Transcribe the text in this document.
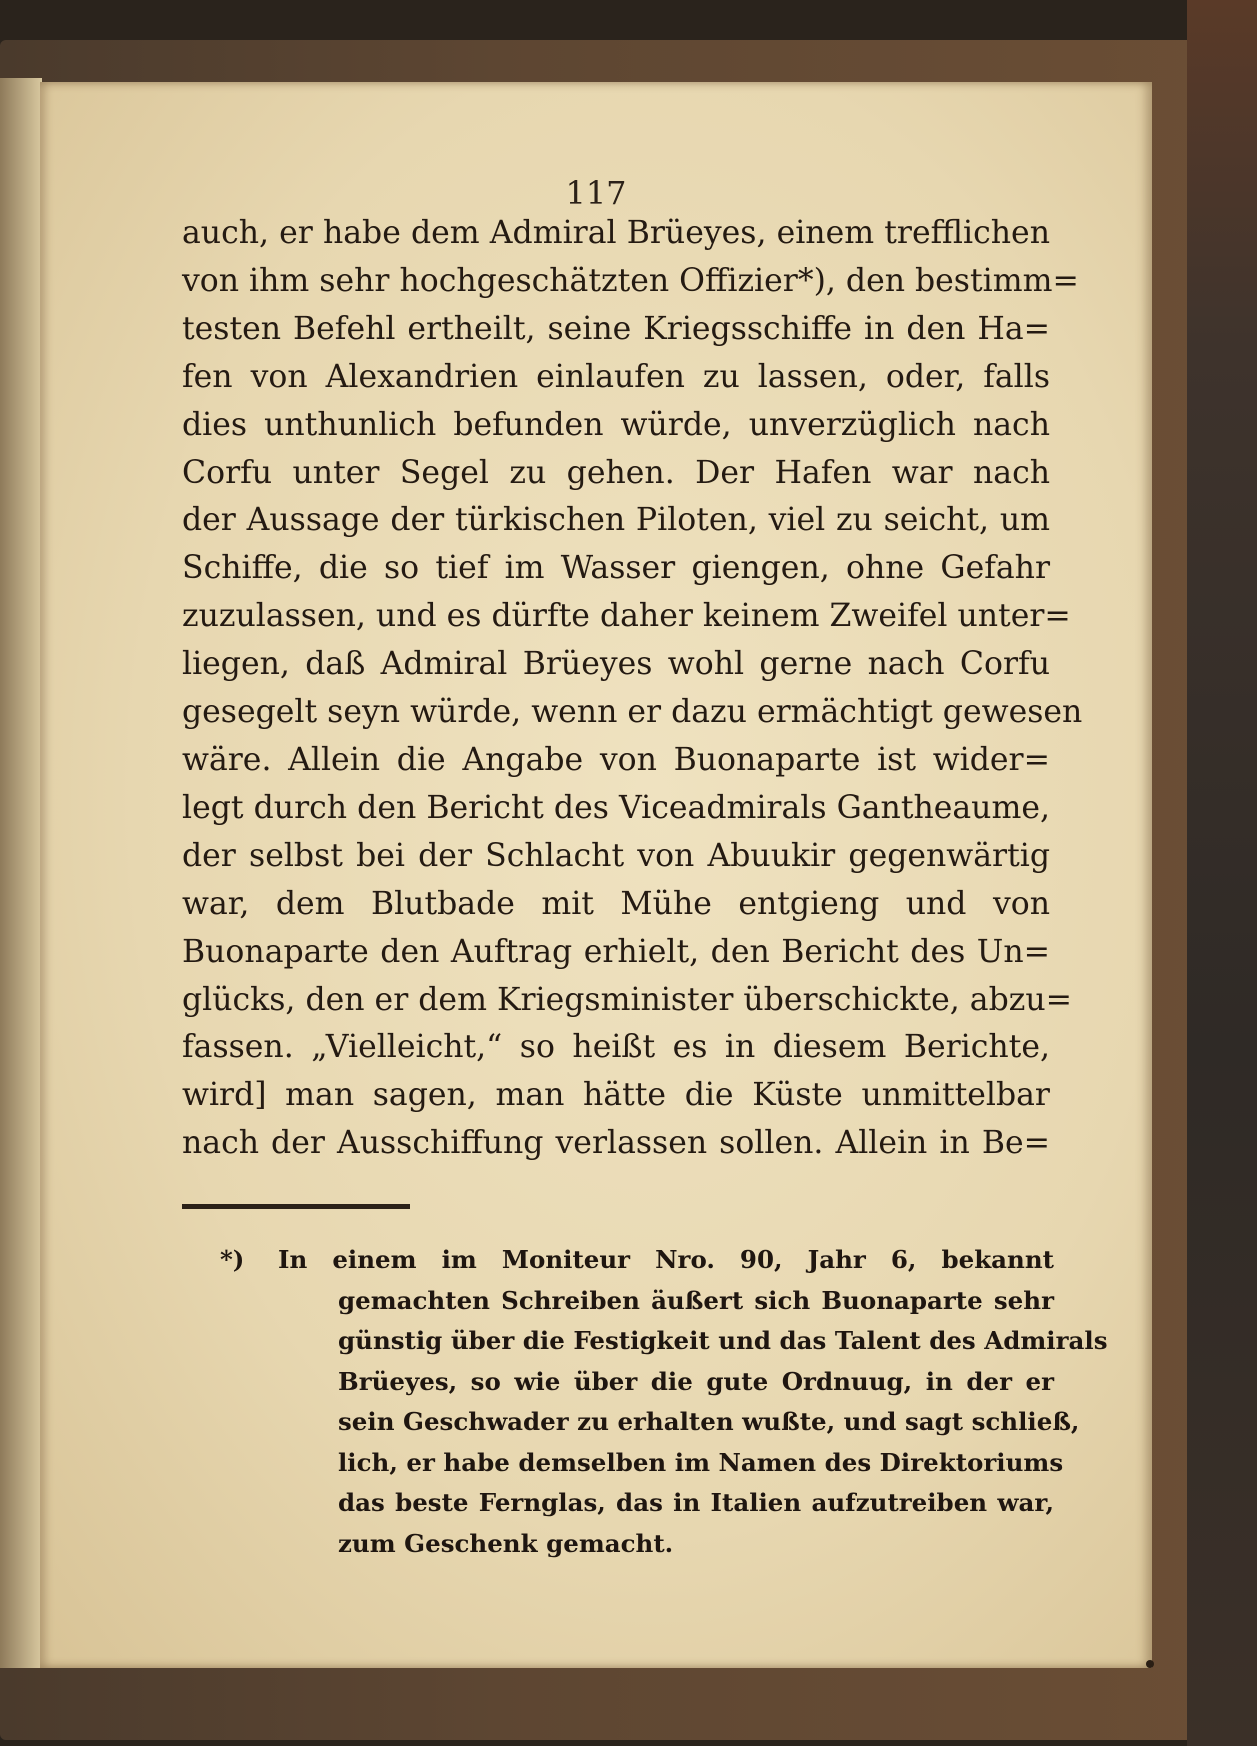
117
auch, er habe dem Admiral Brüeyes, einem trefflichen
von ihm sehr hochgeschätzten Offizier*), den bestimm=
testen Befehl ertheilt, seine Kriegsschiffe in den Ha=
fen von Alexandrien einlaufen zu lassen, oder, falls
dies unthunlich befunden würde, unverzüglich nach
Corfu unter Segel zu gehen. Der Hafen war nach
der Aussage der türkischen Piloten, viel zu seicht, um
Schiffe, die so tief im Wasser giengen, ohne Gefahr
zuzulassen, und es dürfte daher keinem Zweifel unter=
liegen, daß Admiral Brüeyes wohl gerne nach Corfu
gesegelt seyn würde, wenn er dazu ermächtigt gewesen
wäre. Allein die Angabe von Buonaparte ist wider=
legt durch den Bericht des Viceadmirals Gantheaume,
der selbst bei der Schlacht von Abuukir gegenwärtig
war, dem Blutbade mit Mühe entgieng und von
Buonaparte den Auftrag erhielt, den Bericht des Un=
glücks, den er dem Kriegsminister überschickte, abzu=
fassen. „Vielleicht,“ so heißt es in diesem Berichte,
wird] man sagen, man hätte die Küste unmittelbar
nach der Ausschiffung verlassen sollen. Allein in Be=
*) In einem im Moniteur Nro. 90, Jahr 6, bekannt
gemachten Schreiben äußert sich Buonaparte sehr
günstig über die Festigkeit und das Talent des Admirals
Brüeyes, so wie über die gute Ordnuug, in der er
sein Geschwader zu erhalten wußte, und sagt schließ,
lich, er habe demselben im Namen des Direktoriums
das beste Fernglas, das in Italien aufzutreiben war,
zum Geschenk gemacht.
